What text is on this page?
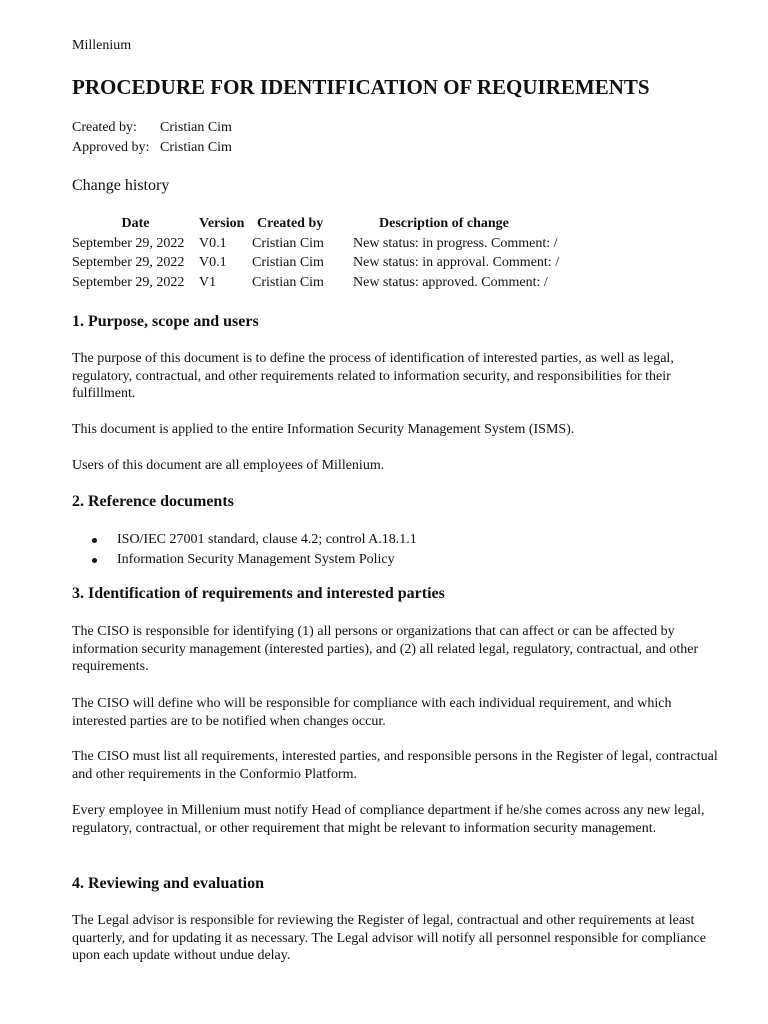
Millenium
PROCEDURE FOR IDENTIFICATION OF REQUIREMENTS
Created by: Cristian Cim
Approved by: Cristian Cim
Change history
Date	Version	Created by	Description of change
September 29, 2022	V0.1	Cristian Cim	New status: in progress. Comment: /
September 29, 2022	V0.1	Cristian Cim	New status: in approval. Comment: /
September 29, 2022	V1	Cristian Cim	New status: approved. Comment: /
1. Purpose, scope and users

The purpose of this document is to define the process of identification of interested parties, as well as legal, regulatory, contractual, and other requirements related to information security, and responsibilities for their fulfillment.

This document is applied to the entire Information Security Management System (ISMS).

Users of this document are all employees of Millenium.

2. Reference documents
ISO/IEC 27001 standard, clause 4.2; control A.18.1.1
Information Security Management System Policy
3. Identification of requirements and interested parties

The CISO is responsible for identifying (1) all persons or organizations that can affect or can be affected by information security management (interested parties), and (2) all related legal, regulatory, contractual, and other requirements.

The CISO will define who will be responsible for compliance with each individual requirement, and which interested parties are to be notified when changes occur.

The CISO must list all requirements, interested parties, and responsible persons in the Register of legal, contractual and other requirements in the Conformio Platform.

Every employee in Millenium must notify Head of compliance department if he/she comes across any new legal, regulatory, contractual, or other requirement that might be relevant to information security management.

4. Reviewing and evaluation

The Legal advisor is responsible for reviewing the Register of legal, contractual and other requirements at least quarterly, and for updating it as necessary. The Legal advisor will notify all personnel responsible for compliance upon each update without undue delay.
